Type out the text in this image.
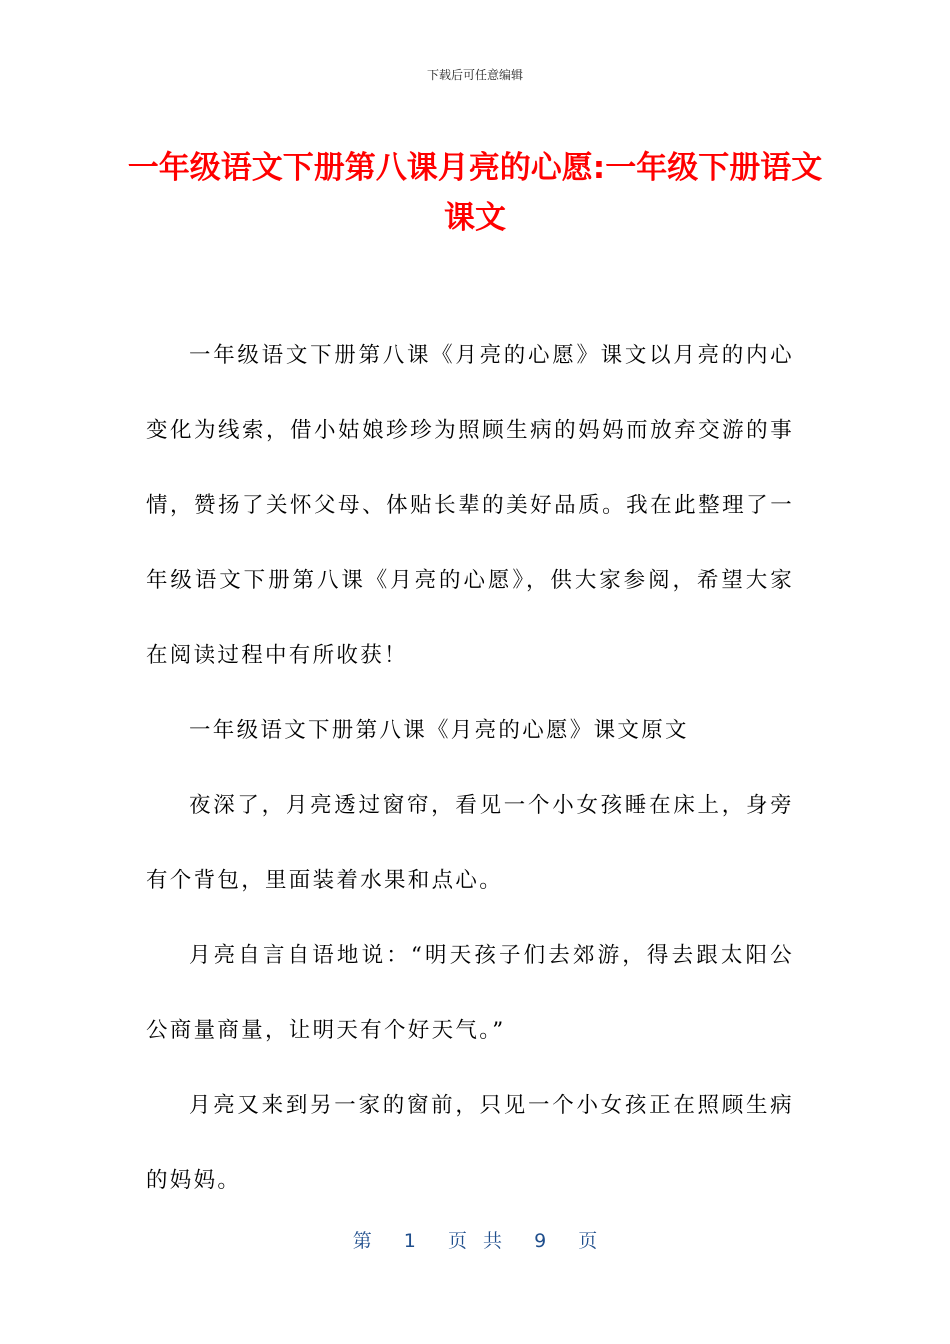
下载后可任意编辑
一年级语文下册第八课月亮的心愿:一年级下册语文课文

一年级语文下册第八课《月亮的心愿》课文以月亮的内心变化为线索，借小姑娘珍珍为照顾生病的妈妈而放弃交游的事情，赞扬了关怀父母、体贴长辈的美好品质。我在此整理了一年级语文下册第八课《月亮的心愿》，供大家参阅，希望大家在阅读过程中有所收获！

一年级语文下册第八课《月亮的心愿》课文原文

夜深了，月亮透过窗帘，看见一个小女孩睡在床上，身旁有个背包，里面装着水果和点心。

月亮自言自语地说：“明天孩子们去郊游，得去跟太阳公公商量商量，让明天有个好天气。”

月亮又来到另一家的窗前，只见一个小女孩正在照顾生病的妈妈。

第  1  页 共  9  页
